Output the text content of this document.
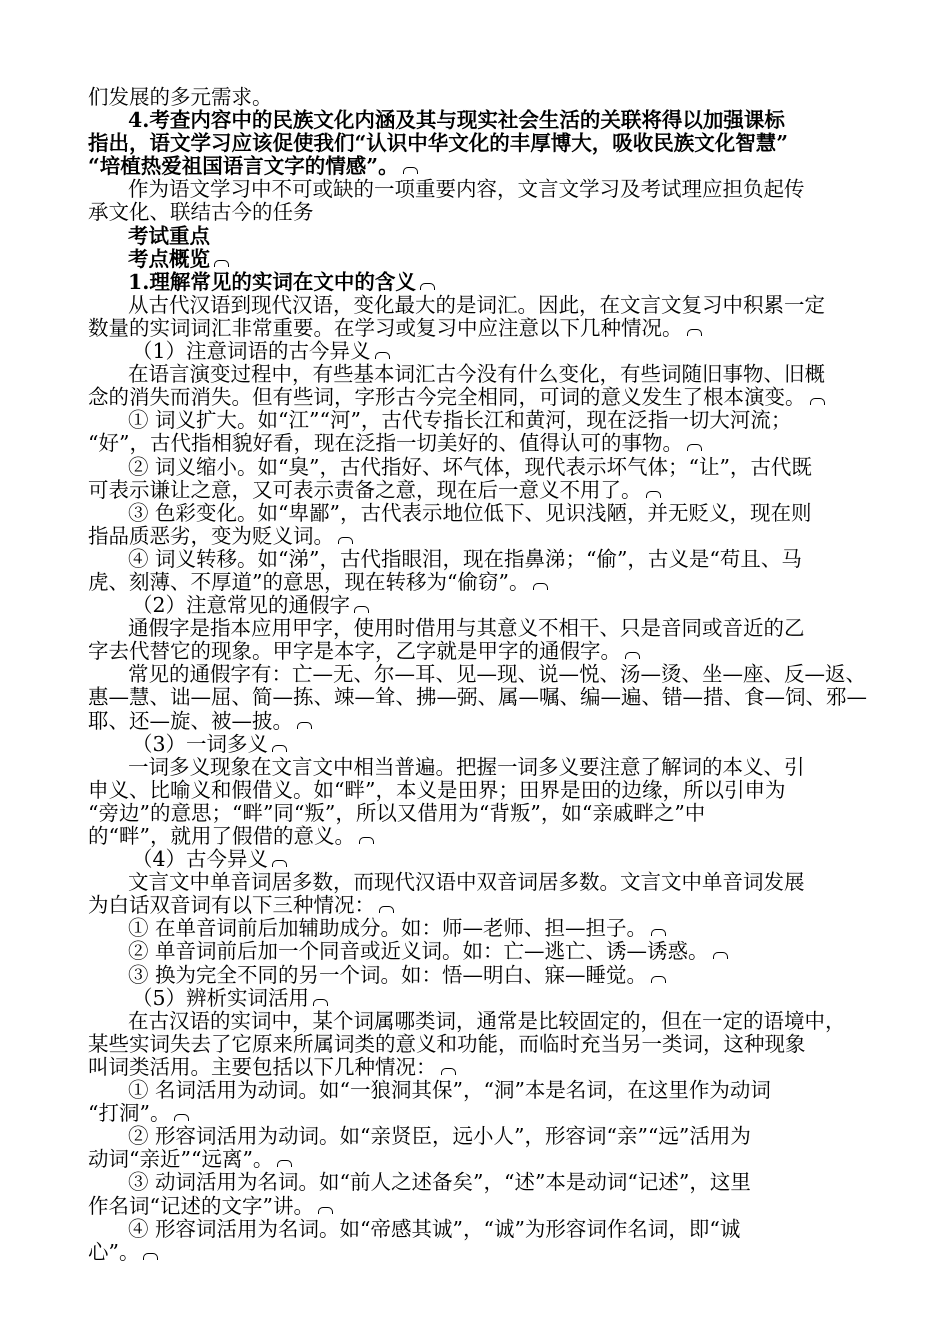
们发展的多元需求。
4.考查内容中的民族文化内涵及其与现实社会生活的关联将得以加强课标
指出，语文学习应该促使我们“认识中华文化的丰厚博大，吸收民族文化智慧”
“培植热爱祖国语言文字的情感”。
作为语文学习中不可或缺的一项重要内容，文言文学习及考试理应担负起传
承文化、联结古今的任务
考试重点
考点概览
1.理解常见的实词在文中的含义
从古代汉语到现代汉语，变化最大的是词汇。因此，在文言文复习中积累一定
数量的实词词汇非常重要。在学习或复习中应注意以下几种情况。
（1）注意词语的古今异义
在语言演变过程中，有些基本词汇古今没有什么变化，有些词随旧事物、旧概
念的消失而消失。但有些词，字形古今完全相同，可词的意义发生了根本演变。
① 词义扩大。如“江”“河”，古代专指长江和黄河，现在泛指一切大河流；
“好”，古代指相貌好看，现在泛指一切美好的、值得认可的事物。
② 词义缩小。如“臭”，古代指好、坏气体，现代表示坏气体；“让”，古代既
可表示谦让之意，又可表示责备之意，现在后一意义不用了。
③ 色彩变化。如“卑鄙”，古代表示地位低下、见识浅陋，并无贬义，现在则
指品质恶劣，变为贬义词。
④ 词义转移。如“涕”，古代指眼泪，现在指鼻涕；“偷”，古义是“苟且、马
虎、刻薄、不厚道”的意思，现在转移为“偷窃”。
（2）注意常见的通假字
通假字是指本应用甲字，使用时借用与其意义不相干、只是音同或音近的乙
字去代替它的现象。甲字是本字，乙字就是甲字的通假字。
常见的通假字有：亡—无、尔—耳、见—现、说—悦、汤—烫、坐—座、反—返、
惠—慧、诎—屈、简—拣、竦—耸、拂—弼、属—嘱、编—遍、错—措、食—饲、邪—
耶、还—旋、被—披。
（3）一词多义
一词多义现象在文言文中相当普遍。把握一词多义要注意了解词的本义、引
申义、比喻义和假借义。如“畔”，本义是田界；田界是田的边缘，所以引申为
“旁边”的意思；“畔”同“叛”，所以又借用为“背叛”，如“亲戚畔之”中
的“畔”，就用了假借的意义。
（4）古今异义
文言文中单音词居多数，而现代汉语中双音词居多数。文言文中单音词发展
为白话双音词有以下三种情况：
① 在单音词前后加辅助成分。如：师—老师、担—担子。
② 单音词前后加一个同音或近义词。如：亡—逃亡、诱—诱惑。
③ 换为完全不同的另一个词。如：悟—明白、寐—睡觉。
（5）辨析实词活用
在古汉语的实词中，某个词属哪类词，通常是比较固定的，但在一定的语境中，
某些实词失去了它原来所属词类的意义和功能，而临时充当另一类词，这种现象
叫词类活用。主要包括以下几种情况：
① 名词活用为动词。如“一狼洞其保”，“洞”本是名词，在这里作为动词
“打洞”。
② 形容词活用为动词。如“亲贤臣，远小人”，形容词“亲”“远”活用为
动词“亲近”“远离”。
③ 动词活用为名词。如“前人之述备矣”，“述”本是动词“记述”，这里
作名词“记述的文字”讲。
④ 形容词活用为名词。如“帝感其诚”，“诚”为形容词作名词，即“诚
心”。
